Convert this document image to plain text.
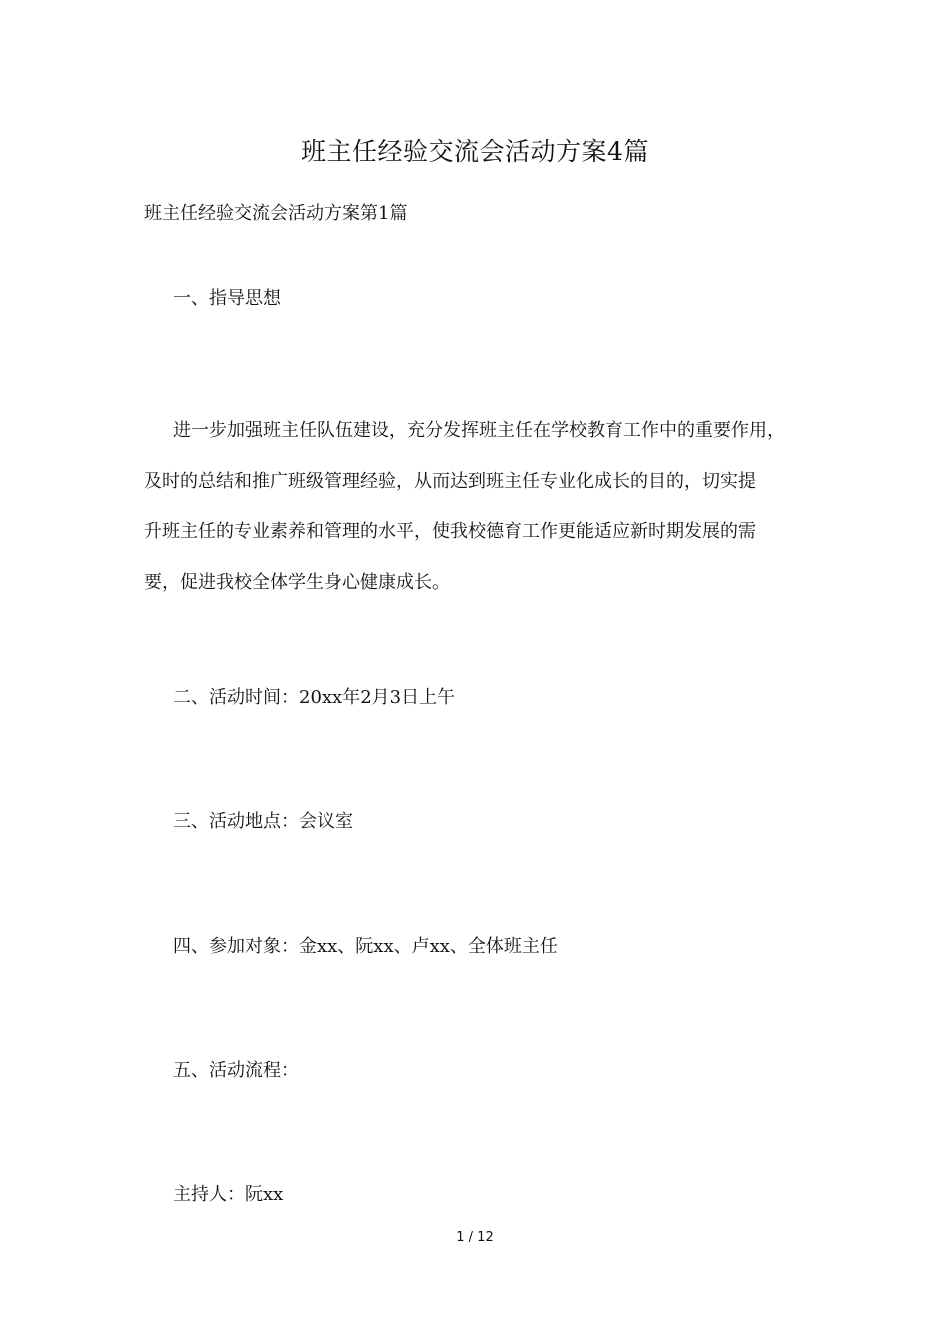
班主任经验交流会活动方案4篇
班主任经验交流会活动方案第1篇
一、指导思想
进一步加强班主任队伍建设，充分发挥班主任在学校教育工作中的重要作用，
及时的总结和推广班级管理经验，从而达到班主任专业化成长的目的，切实提
升班主任的专业素养和管理的水平，使我校德育工作更能适应新时期发展的需
要，促进我校全体学生身心健康成长。
二、活动时间：20xx年2月3日上午
三、活动地点：会议室
四、参加对象：金xx、阮xx、卢xx、全体班主任
五、活动流程：
主持人：阮xx
1 / 12
